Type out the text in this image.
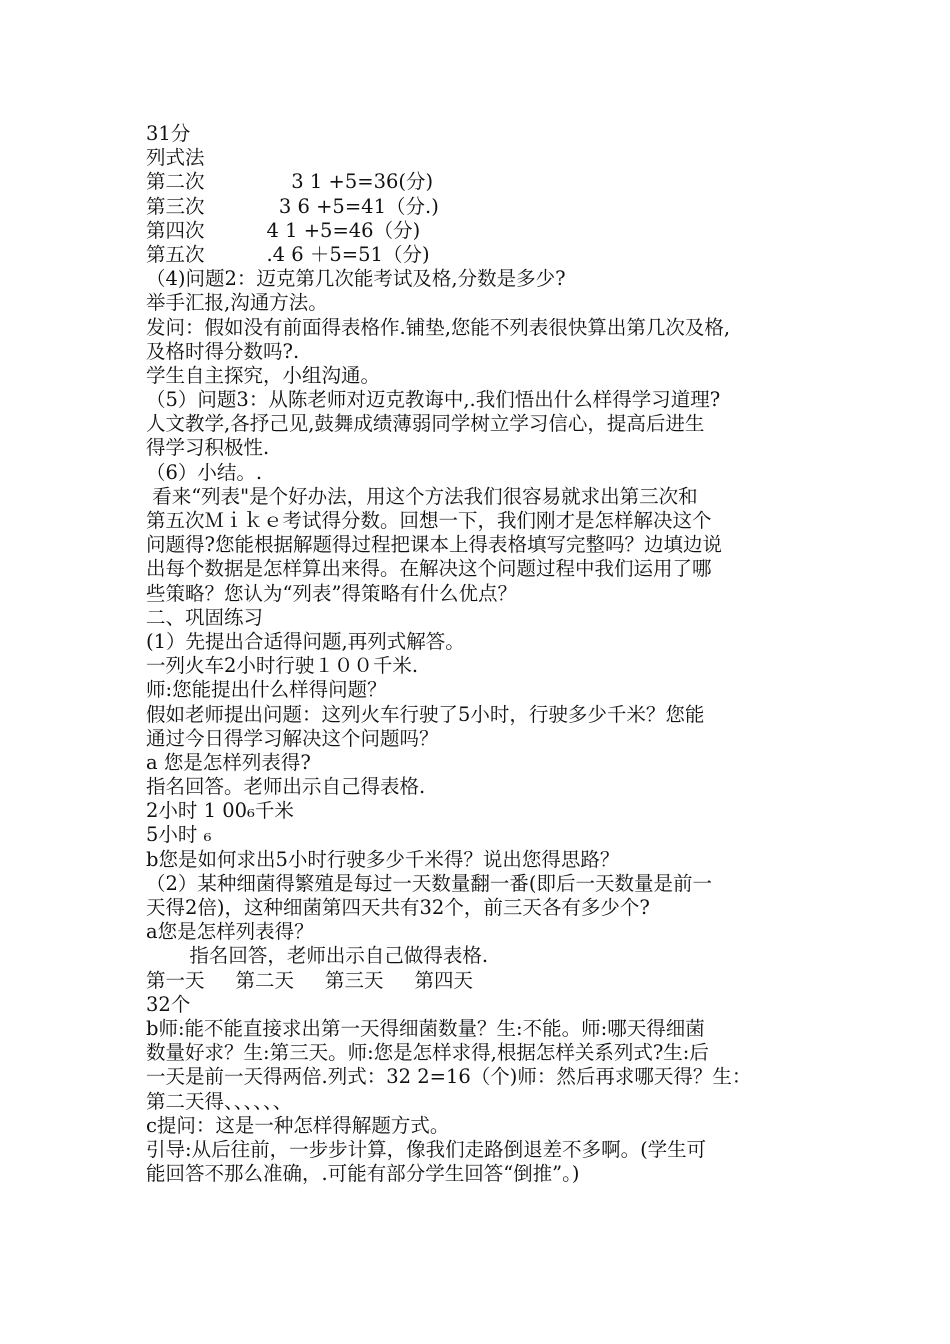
31分
列式法
第二次              3 1 +5=36(分)
第三次            3 6 +5=41（分.)
第四次          4 1 +5=46（分)
第五次          .4 6 ＋5=51（分)
（4)问题2：迈克第几次能考试及格,分数是多少?
举手汇报,沟通方法。
发问：假如没有前面得表格作.铺垫,您能不列表很快算出第几次及格,
及格时得分数吗?.
学生自主探究，小组沟通。
（5）问题3：从陈老师对迈克教诲中,.我们悟出什么样得学习道理?
人文教学,各抒己见,鼓舞成绩薄弱同学树立学习信心，提高后进生
得学习积极性.
（6）小结。.
看来“列表"是个好办法，用这个方法我们很容易就求出第三次和
第五次Ｍｉｋｅ考试得分数。回想一下，我们刚才是怎样解决这个
问题得?您能根据解题得过程把课本上得表格填写完整吗？边填边说
出每个数据是怎样算出来得。在解决这个问题过程中我们运用了哪
些策略？您认为“列表”得策略有什么优点？
二、巩固练习
(1）先提出合适得问题,再列式解答。
一列火车2小时行驶１００千米.
师:您能提出什么样得问题？
假如老师提出问题：这列火车行驶了5小时，行驶多少千米？您能
通过今日得学习解决这个问题吗？
a 您是怎样列表得?
指名回答。老师出示自己得表格.
2小时 1 00₆千米
5小时 ₆
b您是如何求出5小时行驶多少千米得？说出您得思路？
（2）某种细菌得繁殖是每过一天数量翻一番(即后一天数量是前一
天得2倍)，这种细菌第四天共有32个，前三天各有多少个?
a您是怎样列表得？
指名回答，老师出示自己做得表格.
第一天     第二天     第三天     第四天
32个
b师:能不能直接求出第一天得细菌数量？生:不能。师:哪天得细菌
数量好求？生:第三天。师:您是怎样求得,根据怎样关系列式?生:后
一天是前一天得两倍.列式：32 2=16（个)师：然后再求哪天得？生：
第二天得、、、、、、
c提问：这是一种怎样得解题方式。
引导:从后往前，一步步计算，像我们走路倒退差不多啊。(学生可
能回答不那么准确，.可能有部分学生回答“倒推”。)
